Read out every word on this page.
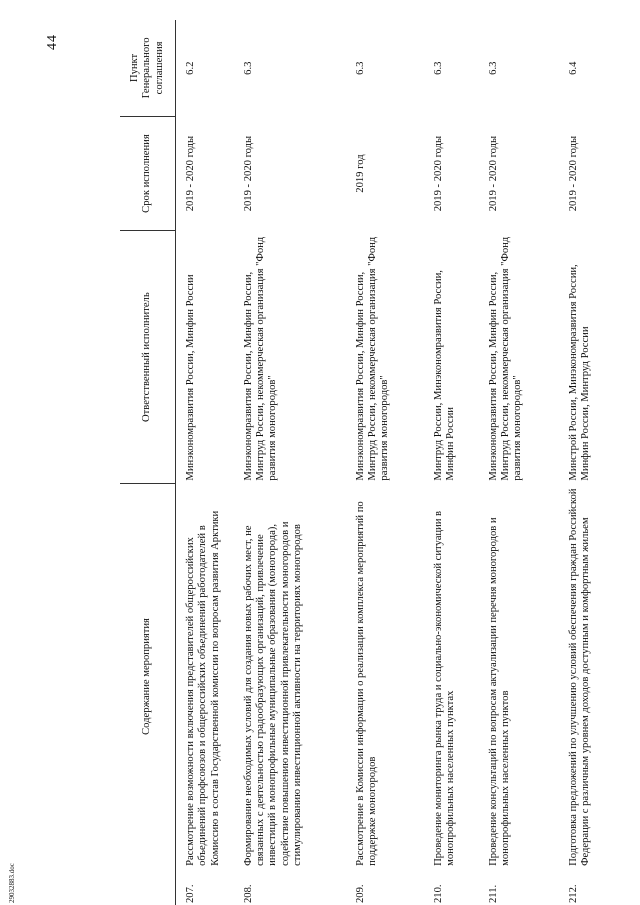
44
29032883.doc
	Содержание мероприятия	Ответственный исполнитель	Срок исполнения	Пункт Генерального соглашения
207.	Рассмотрение возможности включения представителей общероссийских объединений профсоюзов и общероссийских объединений работодателей в Комиссию в состав Государственной комиссии по вопросам развития Арктики	Минэкономразвития России, Минфин России	2019 - 2020 годы	6.2
208.	Формирование необходимых условий для создания новых рабочих мест, не связанных с деятельностью градообразующих организаций, привлечение инвестиций в монопрофильные муниципальные образования (моногорода), содействие повышению инвестиционной привлекательности моногородов и стимулированию инвестиционной активности на территориях моногородов	Минэкономразвития России, Минфин России, Минтруд России, некоммерческая организация "Фонд развития моногородов"	2019 - 2020 годы	6.3
209.	Рассмотрение в Комиссии информации о реализации комплекса мероприятий по поддержке моногородов	Минэкономразвития России, Минфин России, Минтруд России, некоммерческая организация "Фонд развития моногородов"	2019 год	6.3
210.	Проведение мониторинга рынка труда и социально-экономической ситуации в монопрофильных населенных пунктах	Минтруд России, Минэкономразвития России, Минфин России	2019 - 2020 годы	6.3
211.	Проведение консультаций по вопросам актуализации перечня моногородов и монопрофильных населенных пунктов	Минэкономразвития России, Минфин России, Минтруд России, некоммерческая организация "Фонд развития моногородов"	2019 - 2020 годы	6.3
212.	Подготовка предложений по улучшению условий обеспечения граждан Российской Федерации с различным уровнем доходов доступным и комфортным жильем	Минстрой России, Минэкономразвития России, Минфин России, Минтруд России	2019 - 2020 годы	6.4
